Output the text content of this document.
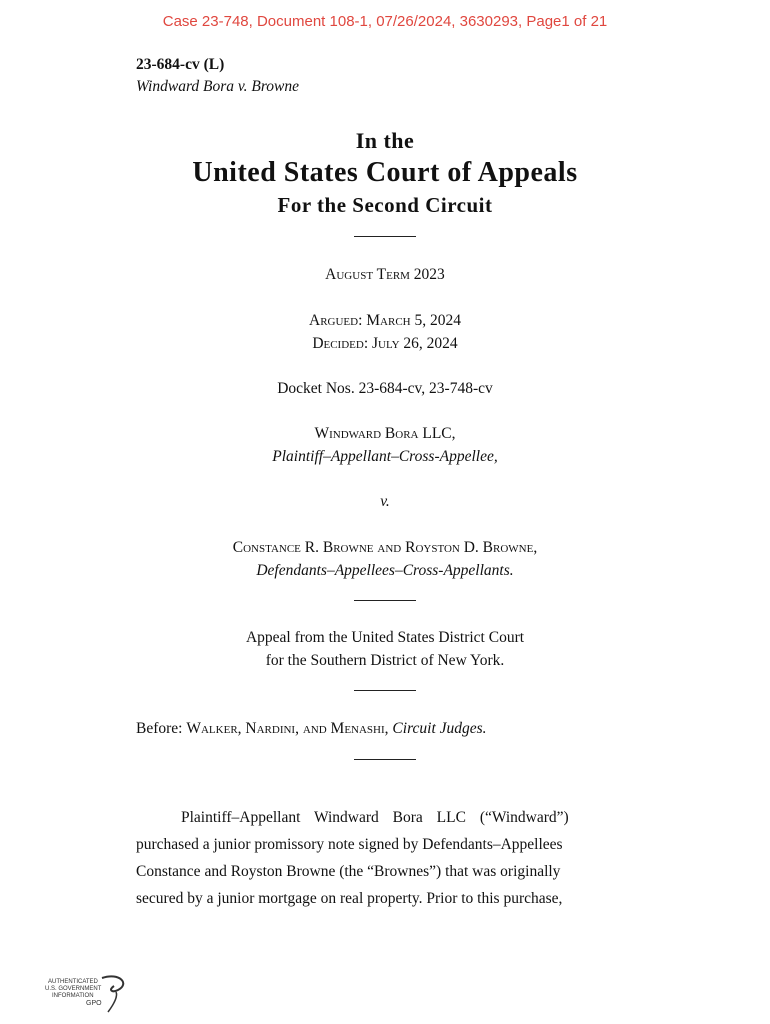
Case 23-748, Document 108-1, 07/26/2024, 3630293, Page1 of 21
23-684-cv (L)
Windward Bora v. Browne
In the
United States Court of Appeals
For the Second Circuit
August Term 2023
Argued: March 5, 2024
Decided: July 26, 2024
Docket Nos. 23-684-cv, 23-748-cv
Windward Bora LLC,
Plaintiff–Appellant–Cross-Appellee,
v.
Constance R. Browne and Royston D. Browne,
Defendants–Appellees–Cross-Appellants.
Appeal from the United States District Court
for the Southern District of New York.
Before: Walker, Nardini, and Menashi, Circuit Judges.
Plaintiff–Appellant Windward Bora LLC (“Windward”)
purchased a junior promissory note signed by Defendants–Appellees
Constance and Royston Browne (the “Brownes”) that was originally
secured by a junior mortgage on real property. Prior to this purchase,
AUTHENTICATED
U.S. GOVERNMENT
INFORMATION
GPO
